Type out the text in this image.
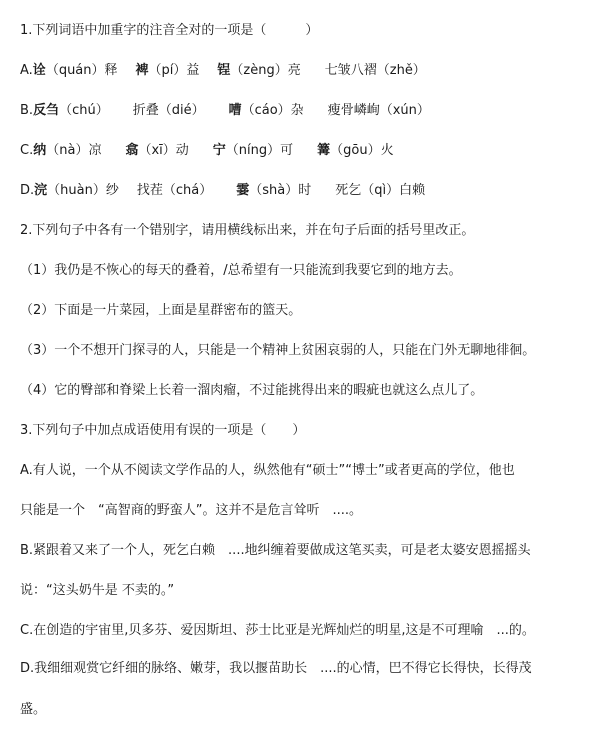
1.下列词语中加重字的注音全对的一项是（　　　）
A.诠（quán）释 裨（pí）益 锃（zèng）亮 七皱八褶（zhě）
B.反刍（chú） 折叠（dié） 嘈（cáo）杂 瘦骨嶙峋（xún）
C.纳（nà）凉 翕（xī）动 宁（níng）可 篝（gōu）火
D.浣（huàn）纱 找茬（chá） 霎（shà）时 死乞（qì）白赖
2.下列句子中各有一个错别字，请用横线标出来，并在句子后面的括号里改正。
（1）我仍是不恢心的每天的叠着，/总希望有一只能流到我要它到的地方去。
（2）下面是一片菜园，上面是星群密布的篮天。
（3）一个不想开门探寻的人，只能是一个精神上贫困哀弱的人，只能在门外无聊地徘徊。
（4）它的臀部和脊梁上长着一溜肉瘤，不过能挑得出来的暇疵也就这么点儿了。
3.下列句子中加点成语使用有误的一项是（　　）
A.有人说，一个从不阅读文学作品的人，纵然他有“硕士”“博士”或者更高的学位，他也
只能是一个　“高智商的野蛮人”。这并不是危言耸听　....。
B.紧跟着又来了一个人，死乞白赖　....地纠缠着要做成这笔买卖，可是老太婆安恩摇摇头
说：“这头奶牛是 不卖的。”
C.在创造的宇宙里,贝多芬、爱因斯坦、莎士比亚是光辉灿烂的明星,这是不可理喻　...的。
D.我细细观赏它纤细的脉络、嫩芽，我以揠苗助长　....的心情，巴不得它长得快，长得茂
盛。
